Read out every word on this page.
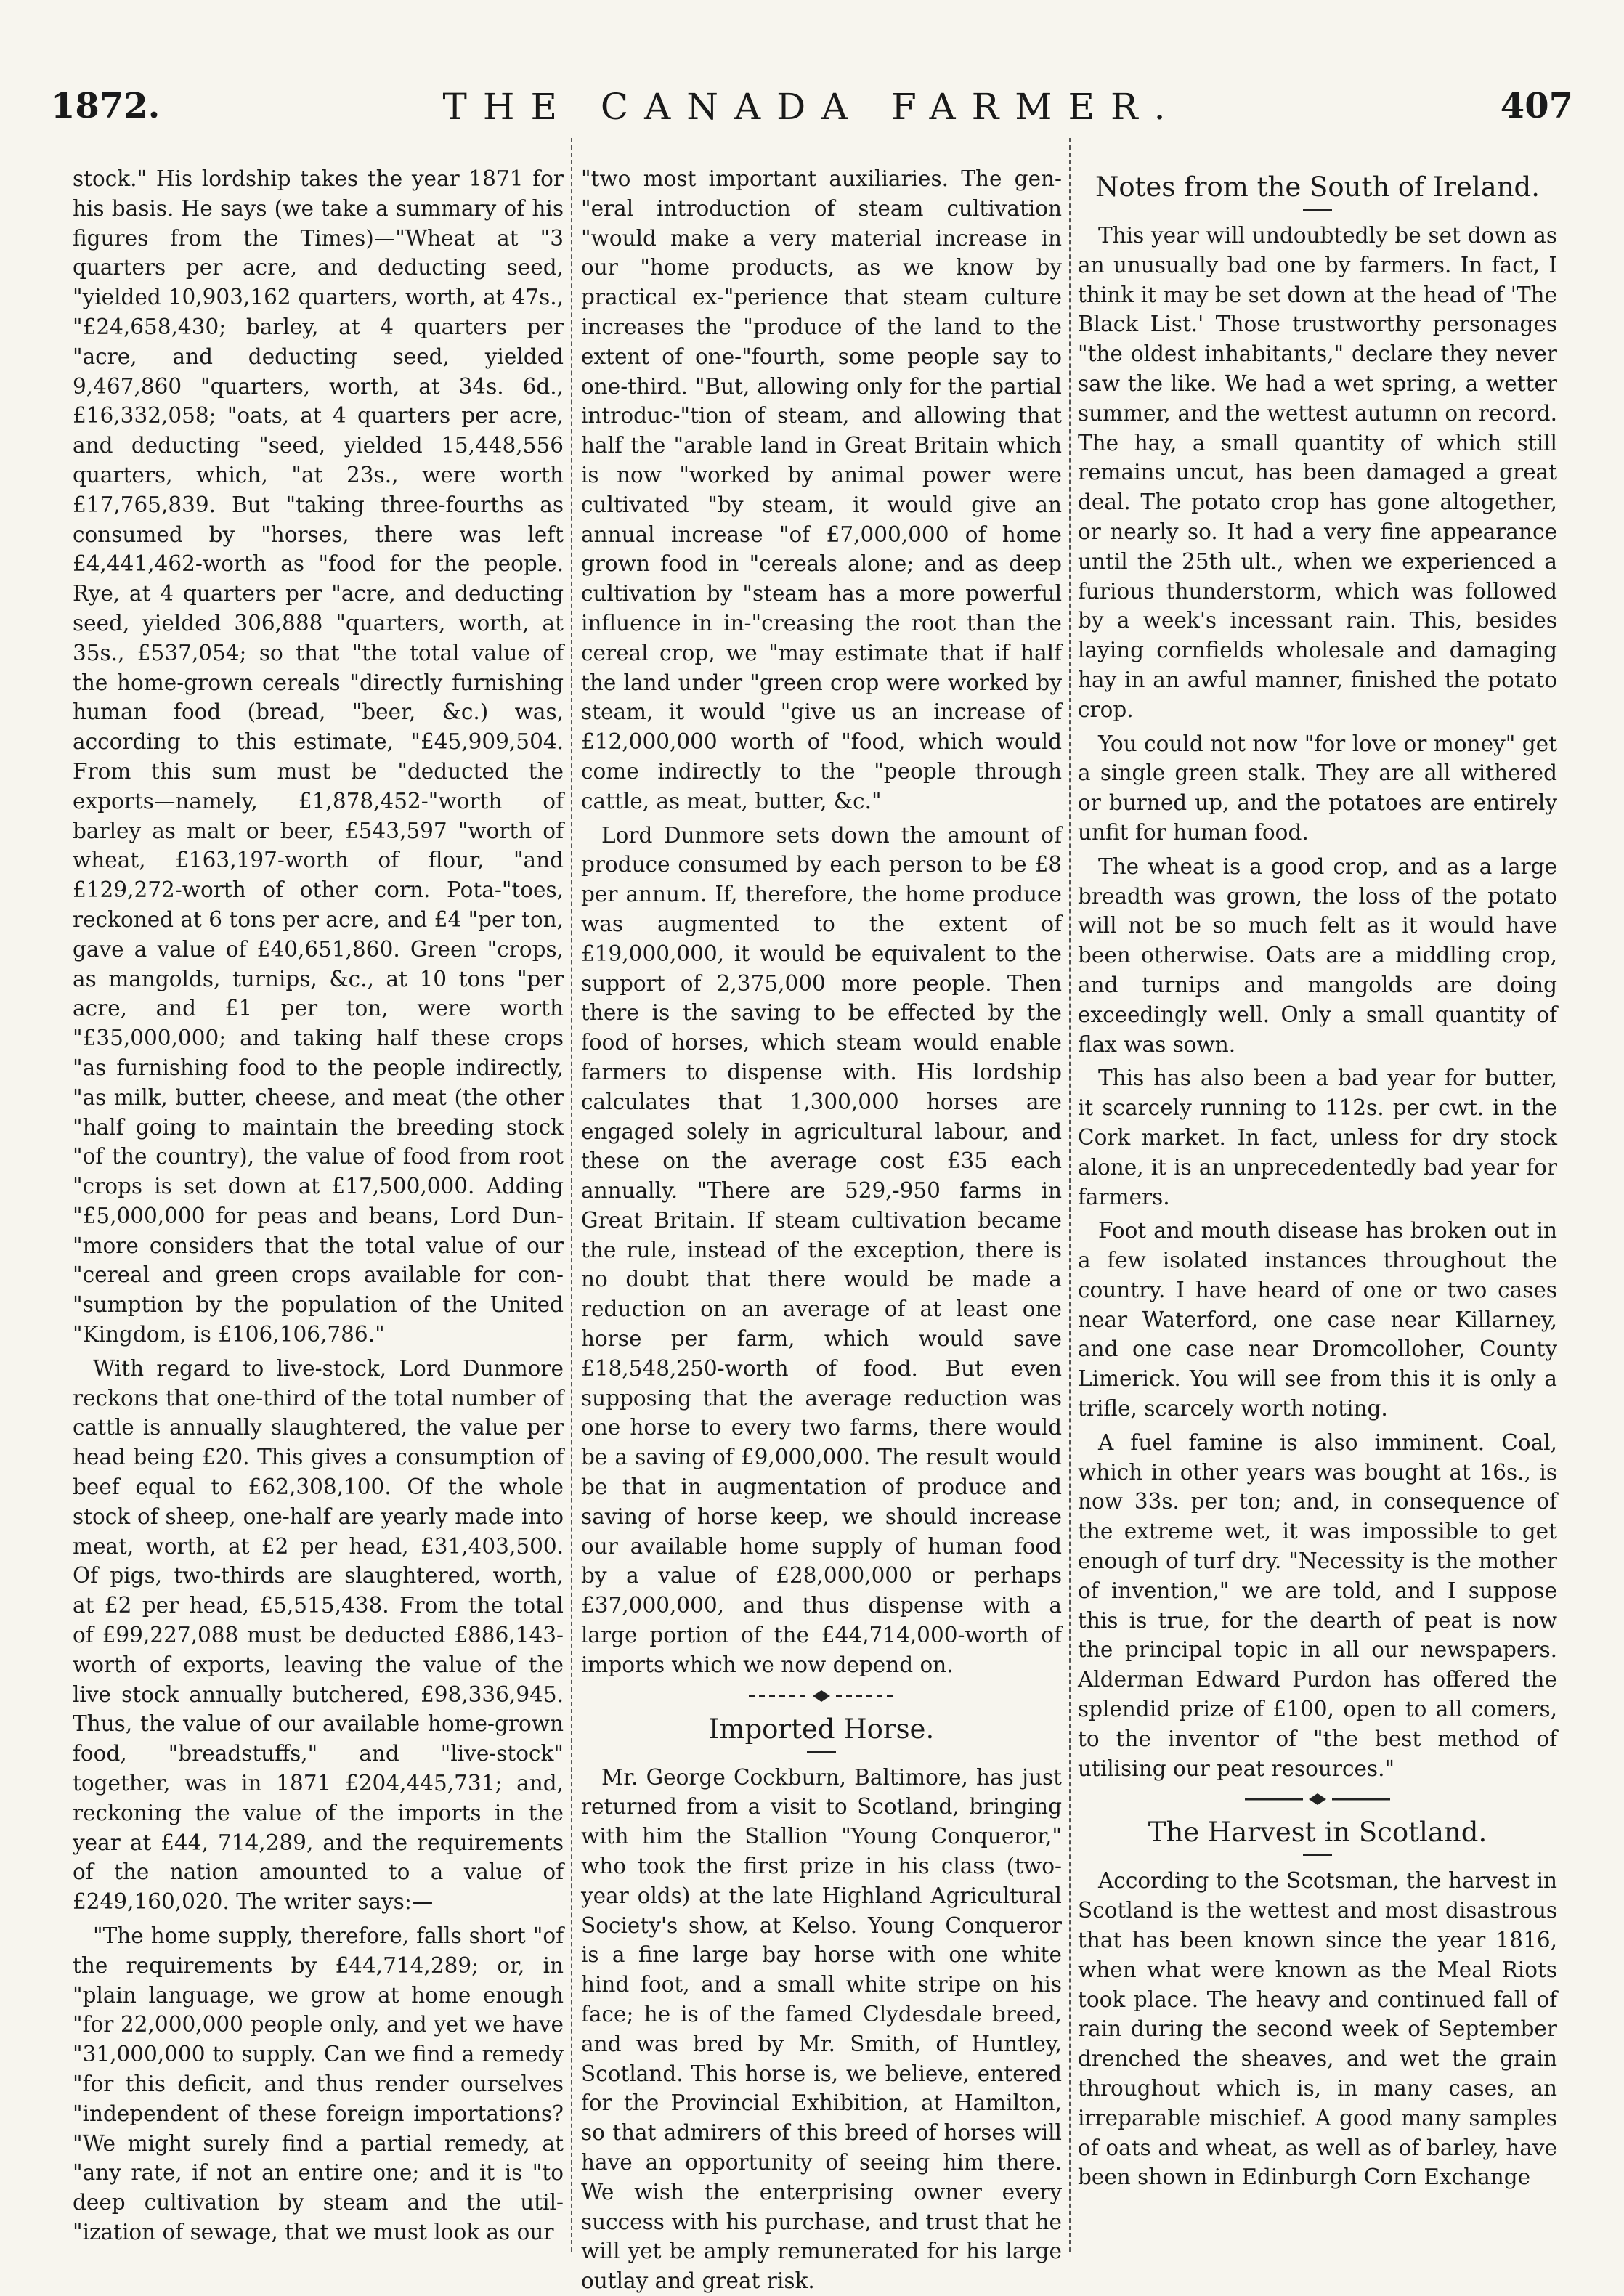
1872.	THE CANADA FARMER.	407

stock." His lordship takes the year 1871 for his basis. He says (we take a summary of his figures from the Times)—"Wheat at "3 quarters per acre, and deducting seed, "yielded 10,903,162 quarters, worth, at 47s., "£24,658,430; barley, at 4 quarters per "acre, and deducting seed, yielded 9,467,860 "quarters, worth, at 34s. 6d., £16,332,058; "oats, at 4 quarters per acre, and deducting "seed, yielded 15,448,556 quarters, which, "at 23s., were worth £17,765,839. But "taking three-fourths as consumed by "horses, there was left £4,441,462-worth as "food for the people. Rye, at 4 quarters per "acre, and deducting seed, yielded 306,888 "quarters, worth, at 35s., £537,054; so that "the total value of the home-grown cereals "directly furnishing human food (bread, "beer, &c.) was, according to this estimate, "£45,909,504. From this sum must be "deducted the exports—namely, £1,878,452-"worth of barley as malt or beer, £543,597 "worth of wheat, £163,197-worth of flour, "and £129,272-worth of other corn. Pota-"toes, reckoned at 6 tons per acre, and £4 "per ton, gave a value of £40,651,860. Green "crops, as mangolds, turnips, &c., at 10 tons "per acre, and £1 per ton, were worth "£35,000,000; and taking half these crops "as furnishing food to the people indirectly, "as milk, butter, cheese, and meat (the other "half going to maintain the breeding stock "of the country), the value of food from root "crops is set down at £17,500,000. Adding "£5,000,000 for peas and beans, Lord Dun-"more considers that the total value of our "cereal and green crops available for con-"sumption by the population of the United "Kingdom, is £106,106,786."

With regard to live-stock, Lord Dunmore reckons that one-third of the total number of cattle is annually slaughtered, the value per head being £20. This gives a consumption of beef equal to £62,308,100. Of the whole stock of sheep, one-half are yearly made into meat, worth, at £2 per head, £31,403,500. Of pigs, two-thirds are slaughtered, worth, at £2 per head, £5,515,438. From the total of £99,227,088 must be deducted £886,143-worth of exports, leaving the value of the live stock annually butchered, £98,336,945. Thus, the value of our available home-grown food, "breadstuffs," and "live-stock" together, was in 1871 £204,445,731; and, reckoning the value of the imports in the year at £44, 714,289, and the requirements of the nation amounted to a value of £249,160,020. The writer says:—

"The home supply, therefore, falls short "of the requirements by £44,714,289; or, in "plain language, we grow at home enough "for 22,000,000 people only, and yet we have "31,000,000 to supply. Can we find a remedy "for this deficit, and thus render ourselves "independent of these foreign importations? "We might surely find a partial remedy, at "any rate, if not an entire one; and it is "to deep cultivation by steam and the util-"ization of sewage, that we must look as our

"two most important auxiliaries. The gen-"eral introduction of steam cultivation "would make a very material increase in our "home products, as we know by practical ex-"perience that steam culture increases the "produce of the land to the extent of one-"fourth, some people say to one-third. "But, allowing only for the partial introduc-"tion of steam, and allowing that half the "arable land in Great Britain which is now "worked by animal power were cultivated "by steam, it would give an annual increase "of £7,000,000 of home grown food in "cereals alone; and as deep cultivation by "steam has a more powerful influence in in-"creasing the root than the cereal crop, we "may estimate that if half the land under "green crop were worked by steam, it would "give us an increase of £12,000,000 worth of "food, which would come indirectly to the "people through cattle, as meat, butter, &c."

Lord Dunmore sets down the amount of produce consumed by each person to be £8 per annum. If, therefore, the home produce was augmented to the extent of £19,000,000, it would be equivalent to the support of 2,375,000 more people. Then there is the saving to be effected by the food of horses, which steam would enable farmers to dispense with. His lordship calculates that 1,300,000 horses are engaged solely in agricultural labour, and these on the average cost £35 each annually. "There are 529,-950 farms in Great Britain. If steam cultivation became the rule, instead of the exception, there is no doubt that there would be made a reduction on an average of at least one horse per farm, which would save £18,548,250-worth of food. But even supposing that the average reduction was one horse to every two farms, there would be a saving of £9,000,000. The result would be that in augmentation of produce and saving of horse keep, we should increase our available home supply of human food by a value of £28,000,000 or perhaps £37,000,000, and thus dispense with a large portion of the £44,714,000-worth of imports which we now depend on.

Imported Horse.

Mr. George Cockburn, Baltimore, has just returned from a visit to Scotland, bringing with him the Stallion "Young Conqueror," who took the first prize in his class (two-year olds) at the late Highland Agricultural Society's show, at Kelso. Young Conqueror is a fine large bay horse with one white hind foot, and a small white stripe on his face; he is of the famed Clydesdale breed, and was bred by Mr. Smith, of Huntley, Scotland. This horse is, we believe, entered for the Provincial Exhibition, at Hamilton, so that admirers of this breed of horses will have an opportunity of seeing him there. We wish the enterprising owner every success with his purchase, and trust that he will yet be amply remunerated for his large outlay and great risk.

Notes from the South of Ireland.

This year will undoubtedly be set down as an unusually bad one by farmers. In fact, I think it may be set down at the head of 'The Black List.' Those trustworthy personages "the oldest inhabitants," declare they never saw the like. We had a wet spring, a wetter summer, and the wettest autumn on record. The hay, a small quantity of which still remains uncut, has been damaged a great deal. The potato crop has gone altogether, or nearly so. It had a very fine appearance until the 25th ult., when we experienced a furious thunderstorm, which was followed by a week's incessant rain. This, besides laying cornfields wholesale and damaging hay in an awful manner, finished the potato crop.

You could not now "for love or money" get a single green stalk. They are all withered or burned up, and the potatoes are entirely unfit for human food.

The wheat is a good crop, and as a large breadth was grown, the loss of the potato will not be so much felt as it would have been otherwise. Oats are a middling crop, and turnips and mangolds are doing exceedingly well. Only a small quantity of flax was sown.

This has also been a bad year for butter, it scarcely running to 112s. per cwt. in the Cork market. In fact, unless for dry stock alone, it is an unprecedentedly bad year for farmers.

Foot and mouth disease has broken out in a few isolated instances throughout the country. I have heard of one or two cases near Waterford, one case near Killarney, and one case near Dromcolloher, County Limerick. You will see from this it is only a trifle, scarcely worth noting.

A fuel famine is also imminent. Coal, which in other years was bought at 16s., is now 33s. per ton; and, in consequence of the extreme wet, it was impossible to get enough of turf dry. "Necessity is the mother of invention," we are told, and I suppose this is true, for the dearth of peat is now the principal topic in all our newspapers. Alderman Edward Purdon has offered the splendid prize of £100, open to all comers, to the inventor of "the best method of utilising our peat resources."

The Harvest in Scotland.

According to the Scotsman, the harvest in Scotland is the wettest and most disastrous that has been known since the year 1816, when what were known as the Meal Riots took place. The heavy and continued fall of rain during the second week of September drenched the sheaves, and wet the grain throughout which is, in many cases, an irreparable mischief. A good many samples of oats and wheat, as well as of barley, have been shown in Edinburgh Corn Exchange
